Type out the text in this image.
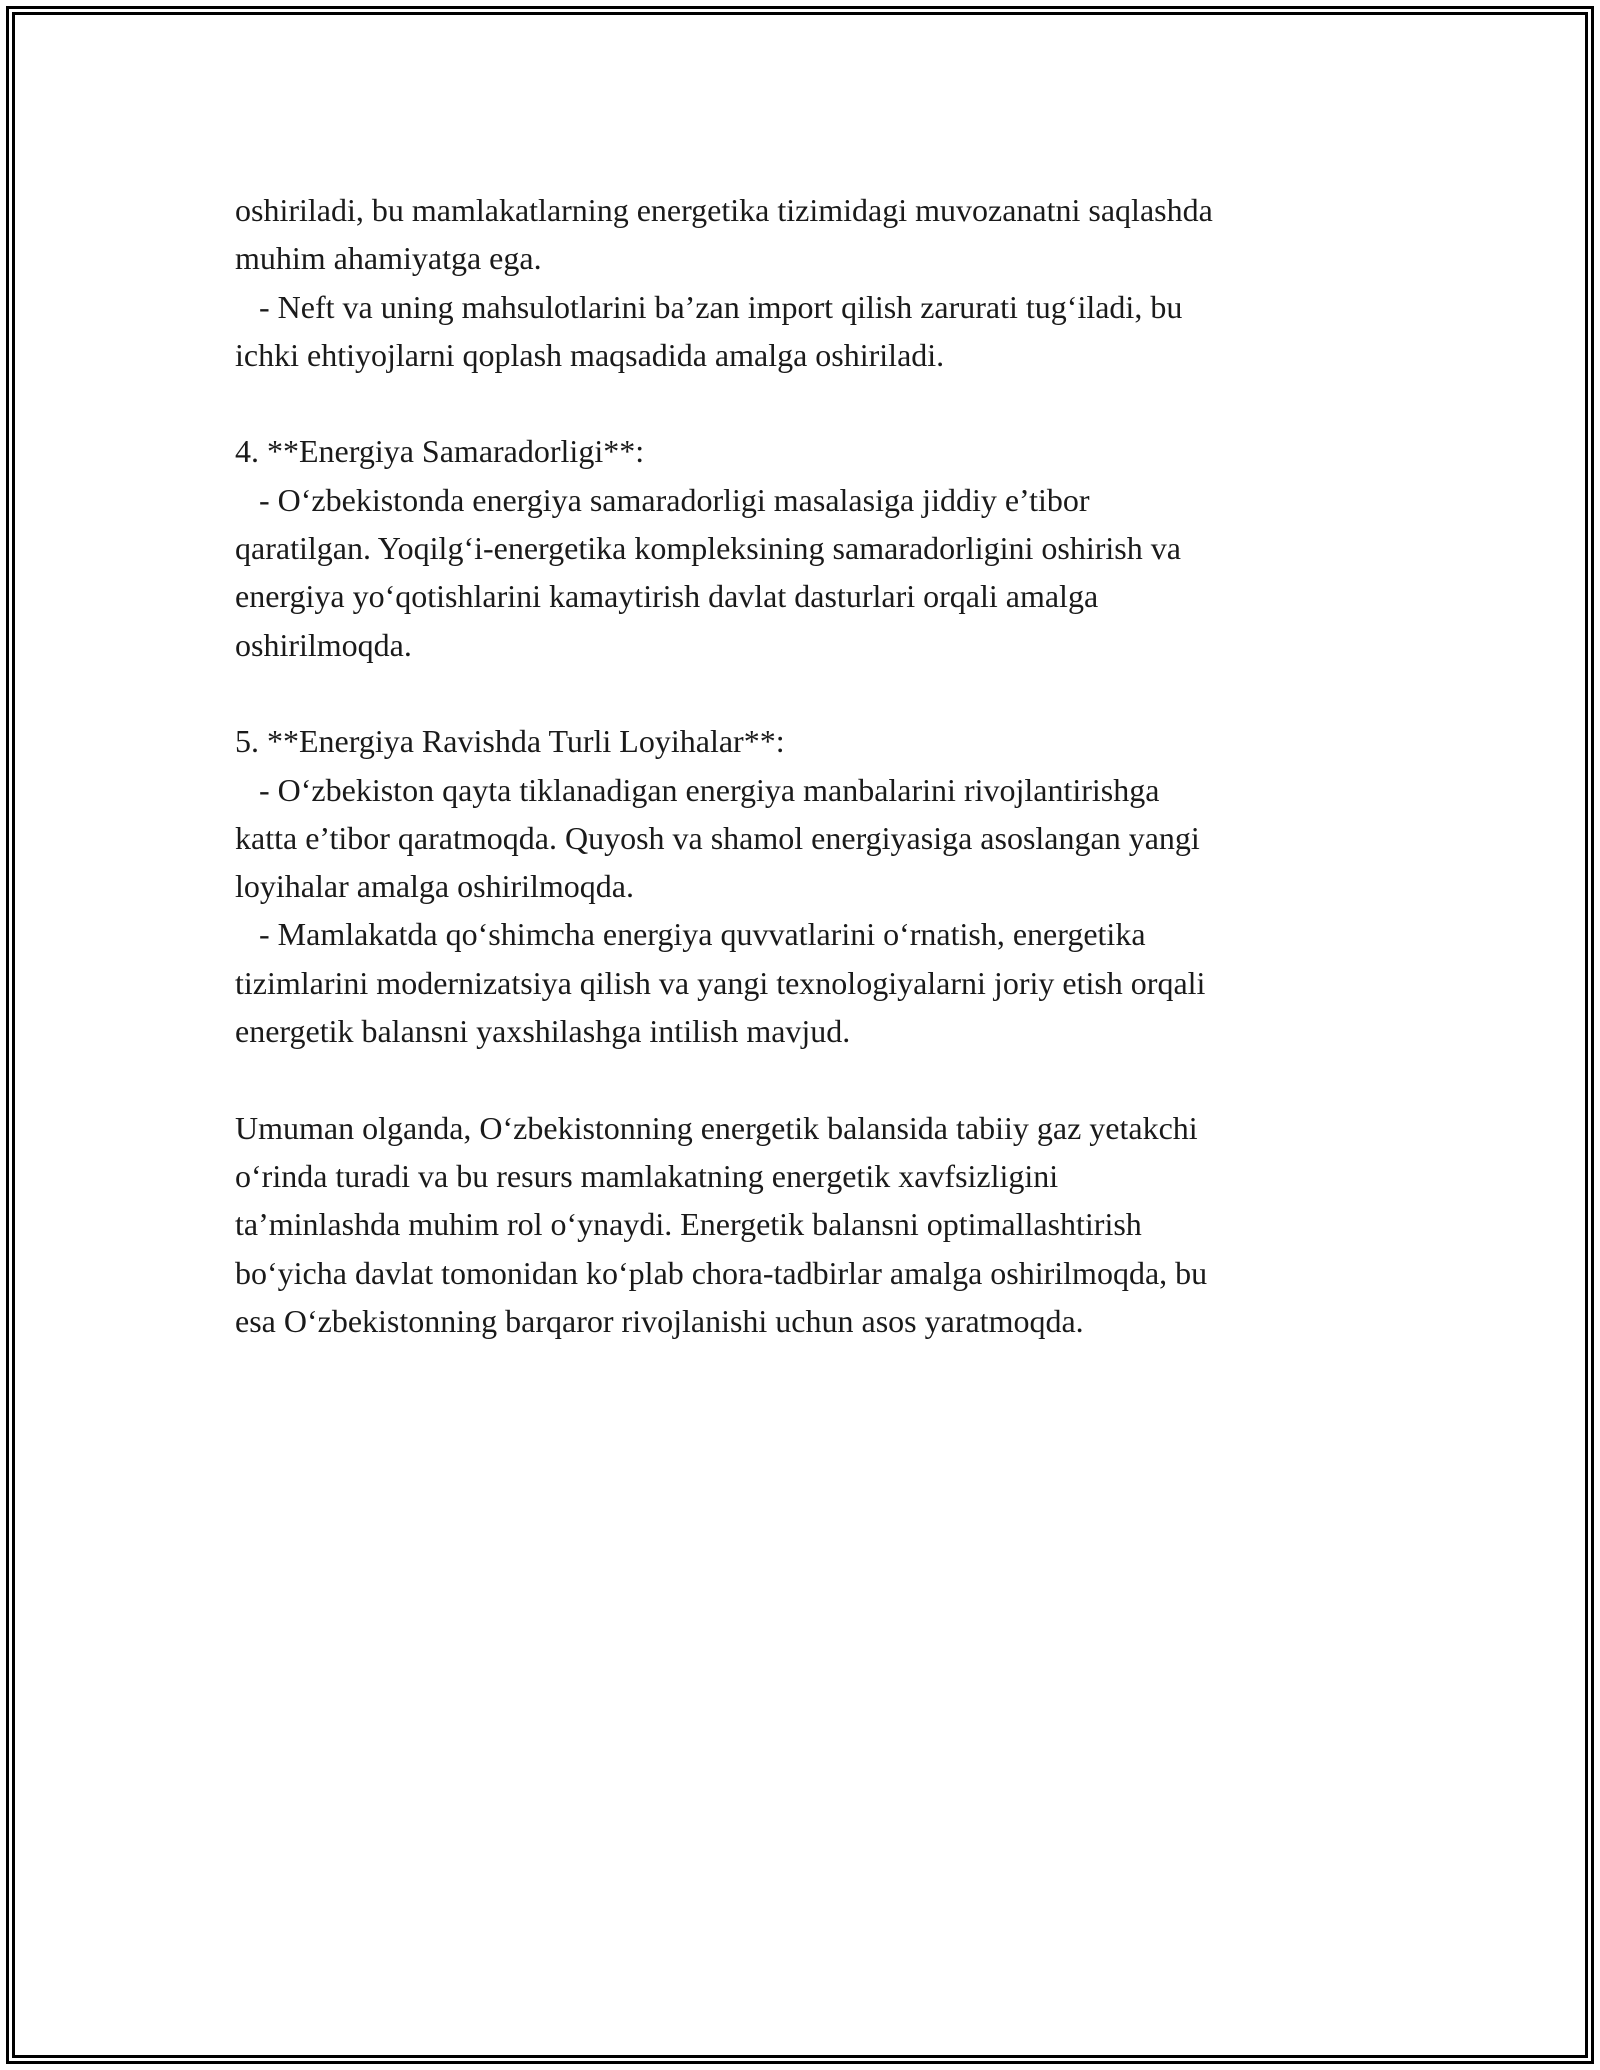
oshiriladi, bu mamlakatlarning energetika tizimidagi muvozanatni saqlashda
muhim ahamiyatga ega.
- Neft va uning mahsulotlarini ba’zan import qilish zarurati tug‘iladi, bu
ichki ehtiyojlarni qoplash maqsadida amalga oshiriladi.
4. **Energiya Samaradorligi**:
- O‘zbekistonda energiya samaradorligi masalasiga jiddiy e’tibor
qaratilgan. Yoqilg‘i-energetika kompleksining samaradorligini oshirish va
energiya yo‘qotishlarini kamaytirish davlat dasturlari orqali amalga
oshirilmoqda.
5. **Energiya Ravishda Turli Loyihalar**:
- O‘zbekiston qayta tiklanadigan energiya manbalarini rivojlantirishga
katta e’tibor qaratmoqda. Quyosh va shamol energiyasiga asoslangan yangi
loyihalar amalga oshirilmoqda.
- Mamlakatda qo‘shimcha energiya quvvatlarini o‘rnatish, energetika
tizimlarini modernizatsiya qilish va yangi texnologiyalarni joriy etish orqali
energetik balansni yaxshilashga intilish mavjud.
Umuman olganda, O‘zbekistonning energetik balansida tabiiy gaz yetakchi
o‘rinda turadi va bu resurs mamlakatning energetik xavfsizligini
ta’minlashda muhim rol o‘ynaydi. Energetik balansni optimallashtirish
bo‘yicha davlat tomonidan ko‘plab chora-tadbirlar amalga oshirilmoqda, bu
esa O‘zbekistonning barqaror rivojlanishi uchun asos yaratmoqda.
